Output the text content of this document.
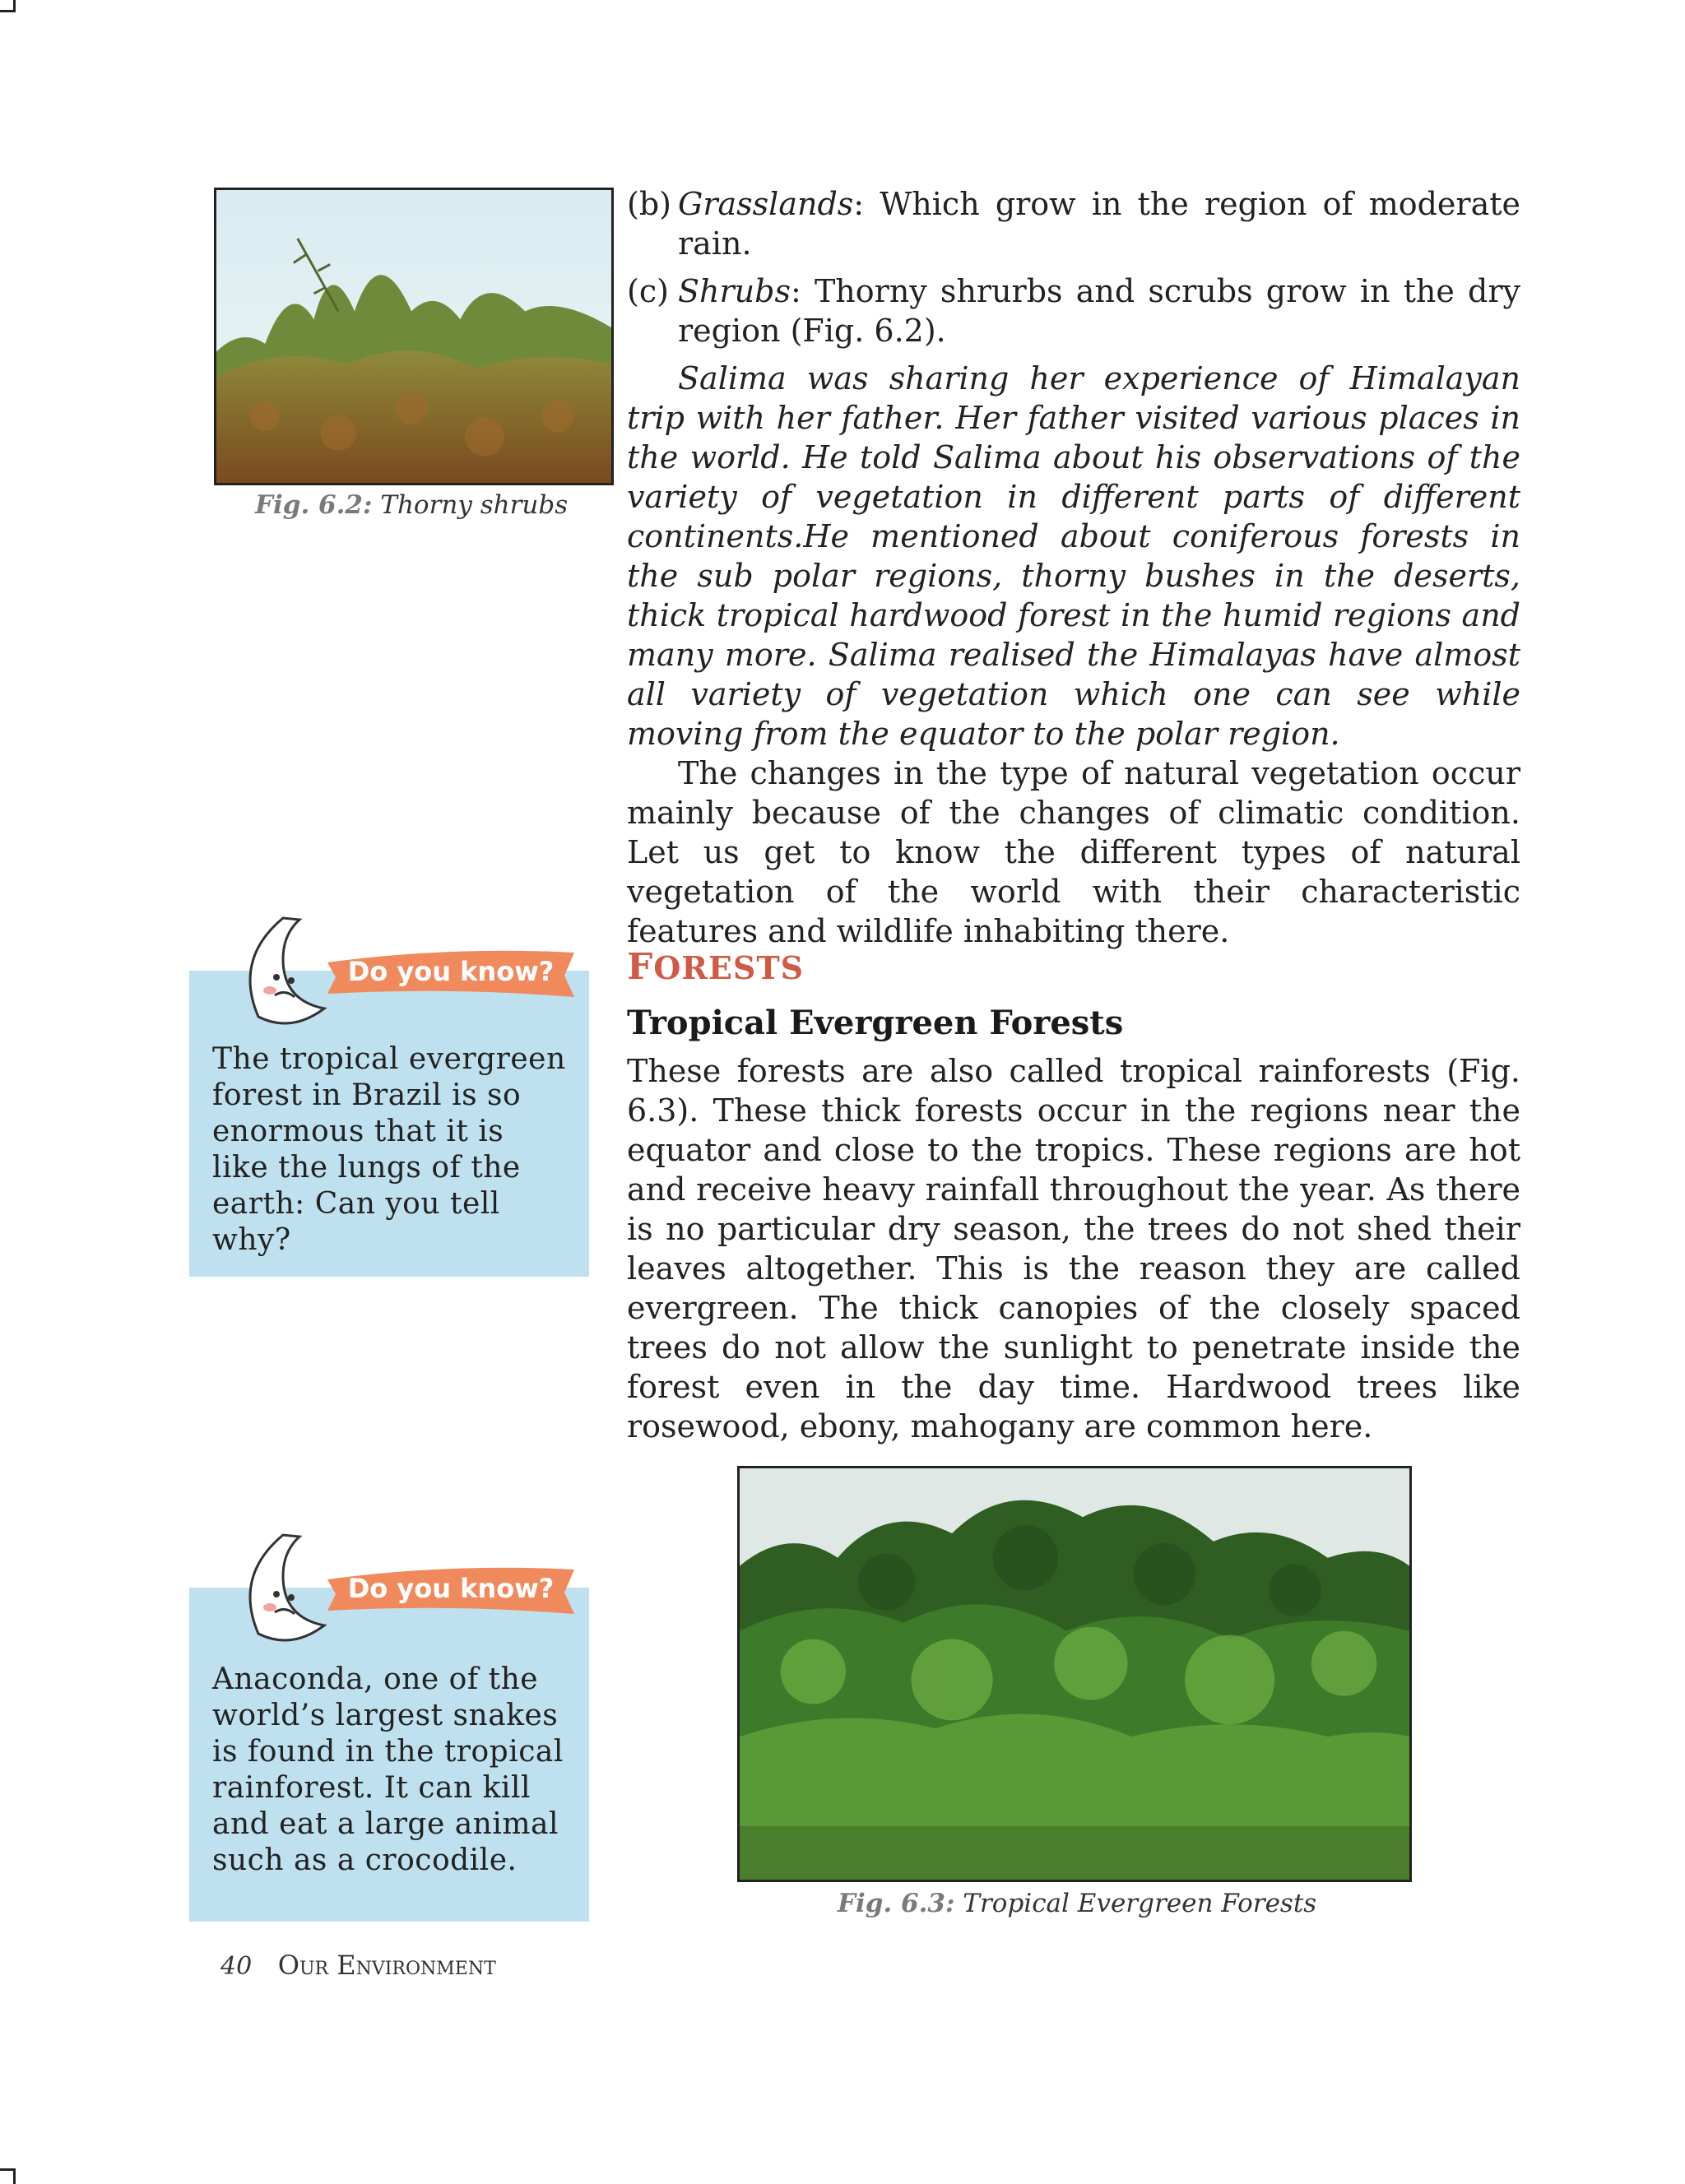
Fig. 6.2: Thorny shrubs
(b) Grasslands: Which grow in the region of moderate rain.
(c) Shrubs: Thorny shrurbs and scrubs grow in the dry region (Fig. 6.2).

Salima was sharing her experience of Himalayan trip with her father. Her father visited various places in the world. He told Salima about his observations of the variety of vegetation in different parts of different continents.He mentioned about coniferous forests in the sub polar regions, thorny bushes in the deserts, thick tropical hardwood forest in the humid regions and many more. Salima realised the Himalayas have almost all variety of vegetation which one can see while moving from the equator to the polar region.

The changes in the type of natural vegetation occur mainly because of the changes of climatic condition. Let us get to know the different types of natural vegetation of the world with their characteristic features and wildlife inhabiting there.

FORESTS
Tropical Evergreen Forests

These forests are also called tropical rainforests (Fig. 6.3). These thick forests occur in the regions near the equator and close to the tropics. These regions are hot and receive heavy rainfall throughout the year. As there is no particular dry season, the trees do not shed their leaves altogether. This is the reason they are called evergreen. The thick canopies of the closely spaced trees do not allow the sunlight to penetrate inside the forest even in the day time. Hardwood trees like rosewood, ebony, mahogany are common here.

Fig. 6.3: Tropical Evergreen Forests
Do you know?
The tropical evergreen forest in Brazil is so enormous that it is like the lungs of the earth: Can you tell why?
Do you know?
Anaconda, one of the world’s largest snakes is found in the tropical rainforest. It can kill and eat a large animal such as a crocodile.
40 Our Environment
